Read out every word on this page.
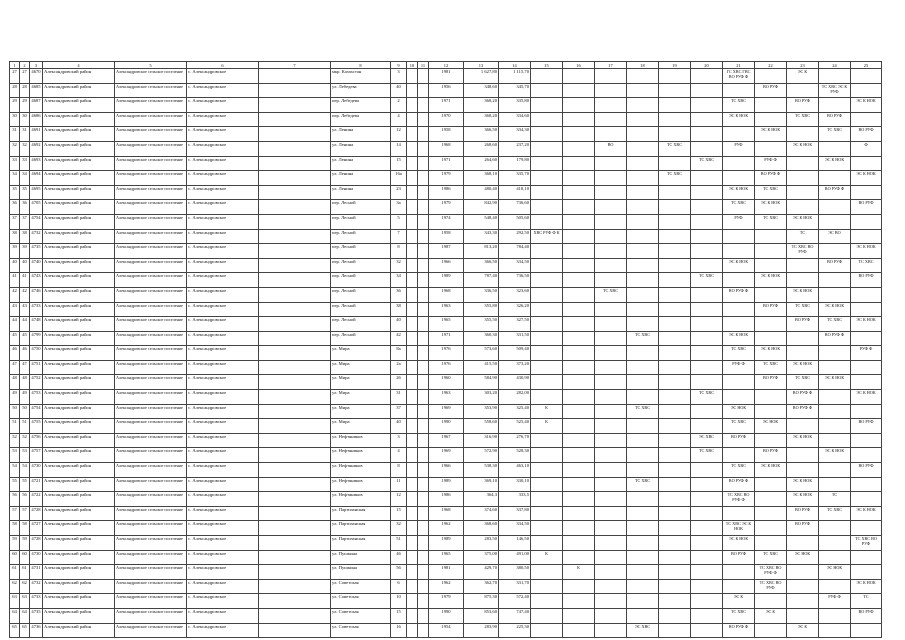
1	2	3	4	5	6	7	8	9	10	11	12	13	14	15	16	17	18	19	20	21	22	23	24	25
27	27	4670	Александровский район	Александровское сельское поселение	с. Александровское		мкр. Казахстан	3			1981	1 627,80	1 115,70							ГС ХВС ГВС ВО РУФ Ф		ЭС К		
28	28	4685	Александровский район	Александровское сельское поселение	с. Александровское		ул. Лебедева	40			1956	348,60	345,70								ВО РУФ		ТС ХВС ЭС К РУФ	
29	29	4687	Александровский район	Александровское сельское поселение	с. Александровское		пер. Лебедева	2			1971	368,20	335,80							ТС ХВС		ВО РУФ		ЭС К НОК
30	30	4686	Александровский район	Александровское сельское поселение	с. Александровское		пер. Лебедева	4			1970	368,20	334,60							ЭС К НОК		ТС ХВС	ВО РУФ	
31	31	4691	Александровский район	Александровское сельское поселение	с. Александровское		ул. Ленина	12			1958	366,50	334,30								ЭС К НОК		ТС ХВС	ВО РУФ
32	32	4692	Александровский район	Александровское сельское поселение	с. Александровское		ул. Ленина	14			1968	268,60	237,20			ВО		ТС ХВС		РУФ		ЭС К НОК		Ф
33	33	4693	Александровский район	Александровское сельское поселение	с. Александровское		ул. Ленина	15			1971	264,60	179,80						ТС ХВС		РУФ Ф		ЭС К НОК	
34	34	4694	Александровский район	Александровское сельское поселение	с. Александровское		ул. Ленина	16а			1979	368,10	335,70					ТС ХВС			ВО РУФ Ф			ЭС К НОК
35	35	4695	Александровский район	Александровское сельское поселение	с. Александровское		ул. Ленина	23			1986	480,40	418,10							ЭС К НОК	ТС ХВС		ВО РУФ Ф	
36	36	4705	Александровский район	Александровское сельское поселение	с. Александровское		пер. Лесной	3а			1979	842,90	736,60							ТС ХВС	ЭС К НОК			ВО РУФ
37	37	4754	Александровский район	Александровское сельское поселение	с. Александровское		пер. Лесной	5			1974	548,40	505,60							РУФ	ТС ХВС	ЭС К НОК		
38	38	4732	Александровский район	Александровское сельское поселение	с. Александровское		пер. Лесной	7			1958	343,30	292,50	ХВС РУФ Ф К								ТС	ЭС ВО	
39	39	4735	Александровский район	Александровское сельское поселение	с. Александровское		пер. Лесной	8			1987	813,20	784,40									ТС ХВС ВО РУФ		ЭС К НОК
40	40	4740	Александровский район	Александровское сельское поселение	с. Александровское		пер. Лесной	32			1966	366,50	334,50							ЭС К НОК			ВО РУФ	ТС ХВС
41	41	4743	Александровский район	Александровское сельское поселение	с. Александровское		пер. Лесной	34			1989	787,40	736,50						ТС ХВС		ЭС К НОК			ВО РУФ
42	42	4746	Александровский район	Александровское сельское поселение	с. Александровское		пер. Лесной	36			1968	336,50	323,60			ТС ХВС				ВО РУФ Ф		ЭС К НОК		
43	43	4733	Александровский район	Александровское сельское поселение	с. Александровское		пер. Лесной	38			1963	355,80	326,20								ВО РУФ	ТС ХВС	ЭС К НОК	
44	44	4748	Александровский район	Александровское сельское поселение	с. Александровское		пер. Лесной	40			1965	355,50	327,50									ВО РУФ	ТС ХВС	ЭС К НОК
45	45	4799	Александровский район	Александровское сельское поселение	с. Александровское		пер. Лесной	42			1971	360,30	331,50				ТС ХВС			ЭС К НОК			ВО РУФ Ф	
46	46	4750	Александровский район	Александровское сельское поселение	с. Александровское		ул. Мира	8а			1976	573,60	509,40							ТС ХВС	ЭС К НОК			РУФ Ф
47	47	4751	Александровский район	Александровское сельское поселение	с. Александровское		ул. Мира	2а			1976	415,50	373,20							РУФ Ф	ТС ХВС	ЭС К НОК		
48	48	4752	Александровский район	Александровское сельское поселение	с. Александровское		ул. Мира	26			1960	584,90	430,90								ВО РУФ	ТС ХВС	ЭС К НОК	
49	49	4753	Александровский район	Александровское сельское поселение	с. Александровское		ул. Мира	31			1963	303,20	282,00						ТС ХВС			ВО РУФ Ф		ЭС К НОК
50	50	4754	Александровский район	Александровское сельское поселение	с. Александровское		ул. Мира	37			1969	353,90	325,40	К			ТС ХВС			ЭС НОК		ВО РУФ Ф		
51	51	4755	Александровский район	Александровское сельское поселение	с. Александровское		ул. Мира	40			1990	558,60	525,40	К						ТС ХВС	ЭС НОК			ВО РУФ
52	52	4756	Александровский район	Александровское сельское поселение	с. Александровское		ул. Нефтяников	3			1967	316,90	276,70						ЭС ХВС	ВО РУФ		ЭС К НОК		
53	53	4757	Александровский район	Александровское сельское поселение	с. Александровское		ул. Нефтяников	4			1969	572,90	528,30						ТС ХВС		ВО РУФ		ЭС К НОК	
54	54	4730	Александровский район	Александровское сельское поселение	с. Александровское		ул. Нефтяников	8			1966	538,30	463,10							ТС ХВС	ЭС К НОК			ВО РУФ
55	55	4721	Александровский район	Александровское сельское поселение	с. Александровское		ул. Нефтяников	11			1989	369,10	330,10				ТС ХВС			ВО РУФ Ф		ЭС К НОК		
56	56	4722	Александровский район	Александровское сельское поселение	с. Александровское		ул. Нефтяников	12			1986	364,3	333,5							ТС ХВС ВО РУФ Ф		ЭС К НОК	ТС	
57	57	4728	Александровский район	Александровское сельское поселение	с. Александровское		ул. Партизанская	15			1968	374,60	337,80									ВО РУФ	ТС ХВС	ЭС К НОК
58	58	4727	Александровский район	Александровское сельское поселение	с. Александровское		ул. Партизанская	32			1962	368,60	334,50							ТС ХВС ЭС К НОК		ВО РУФ		
59	59	4728	Александровский район	Александровское сельское поселение	с. Александровское		ул. Партизанская	51			1989	283,50	146,50							ЭС К НОК				ТС ХВС ВО РУФ
60	60	4730	Александровский район	Александровское сельское поселение	с. Александровское		ул. Пушкина	46			1965	375,00	491,00	К						ВО РУФ	ТС ХВС	ЭС НОК		
61	61	4731	Александровский район	Александровское сельское поселение	с. Александровское		ул. Пушкина	56			1981	429,70	380,50		К						ТС ХВС ВО РУФ Ф		ЭС НОК	
62	62	4732	Александровский район	Александровское сельское поселение	с. Александровское		ул. Советская	6			1962	362,70	331,70								ТС ХВС ВО РУФ			ЭС К НОК
63	63	4733	Александровский район	Александровское сельское поселение	с. Александровское		ул. Советская	10			1979	875,30	572,40							ЭС К			РУФ Ф	ТС
64	64	4735	Александровский район	Александровское сельское поселение	с. Александровское		ул. Советская	15			1990	853,60	747,40							ТС ХВС	ЭС К			ВО РУФ
65	65	4736	Александровский район	Александровское сельское поселение	с. Александровское		ул. Советская	16			1954	283,90	225,30				ЭС ХВС			ВО РУФ Ф		ЭС К		
